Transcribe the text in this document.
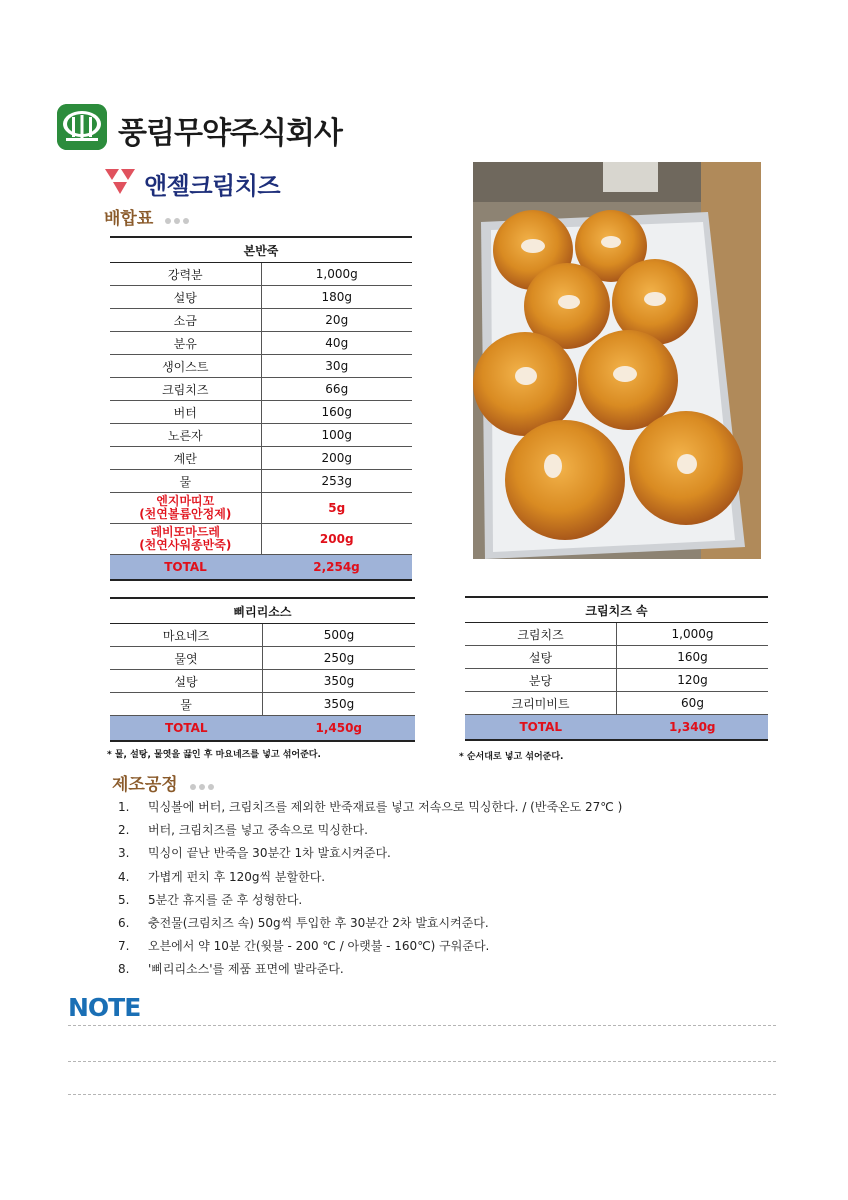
풍림무약주식회사
앤젤크림치즈
배합표
본반죽	
강력분	1,000g
설탕	180g
소금	20g
분유	40g
생이스트	30g
크림치즈	66g
버터	160g
노른자	100g
계란	200g
물	253g

엔지마띠꼬
(천연볼륨안정제)	5g

레비또마드레
(천연사워종반죽)	200g
TOTAL	2,254g
삐리리소스	
마요네즈	500g
물엿	250g
설탕	350g
물	350g
TOTAL	1,450g
* 물, 설탕, 물엿을 끓인 후 마요네즈를 넣고 섞어준다.
크림치즈 속	
크림치즈	1,000g
설탕	160g
분당	120g
크리미비트	60g
TOTAL	1,340g
* 순서대로 넣고 섞어준다.
제조공정
1.	믹싱볼에 버터, 크림치즈를 제외한 반죽재료를 넣고 저속으로 믹싱한다. / (반죽온도 27℃ )
2.	버터, 크림치즈를 넣고 중속으로 믹싱한다.
3.	믹싱이 끝난 반죽을 30분간 1차 발효시켜준다.
4.	가볍게 펀치 후 120g씩 분할한다.
5.	5분간 휴지를 준 후 성형한다.
6.	충전물(크림치즈 속) 50g씩 투입한 후 30분간 2차 발효시켜준다.
7.	오븐에서 약 10분 간(윗불 - 200 ℃ / 아랫불 - 160℃) 구워준다.
8.	'삐리리소스'를 제품 표면에 발라준다.
NOTE
